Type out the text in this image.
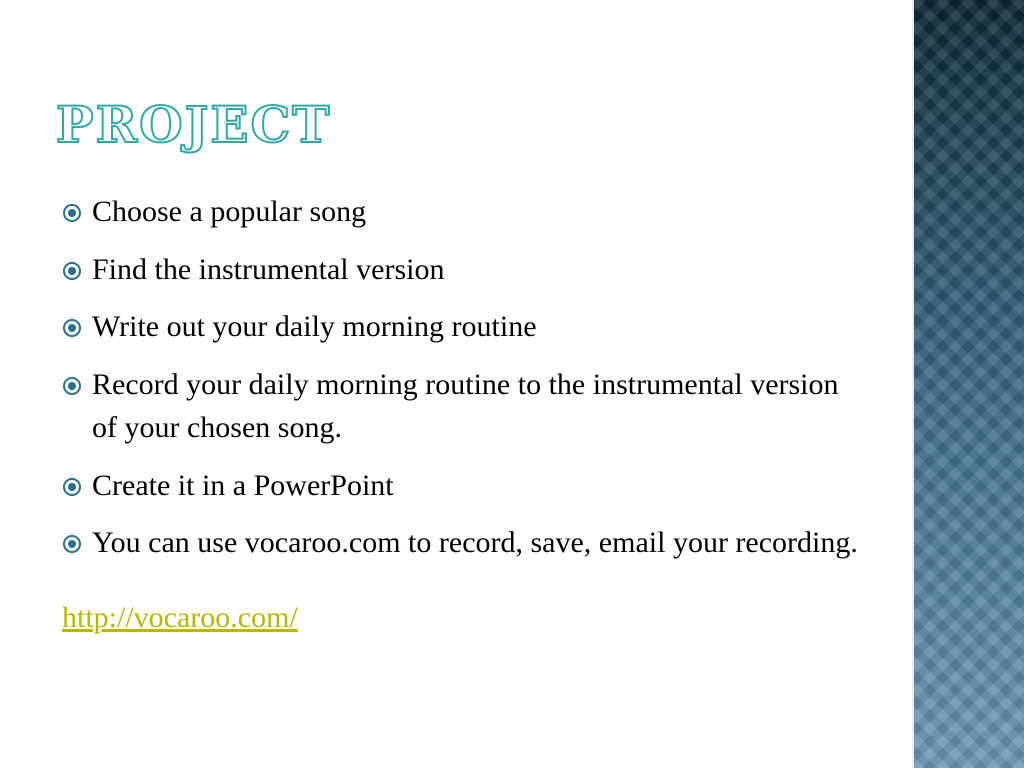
PROJECT
Choose a popular song
Find the instrumental version
Write out your daily morning routine
Record your daily morning routine to the instrumental version of your chosen song.
Create it in a PowerPoint
You can use vocaroo.com to record, save, email your recording.
http://vocaroo.com/
